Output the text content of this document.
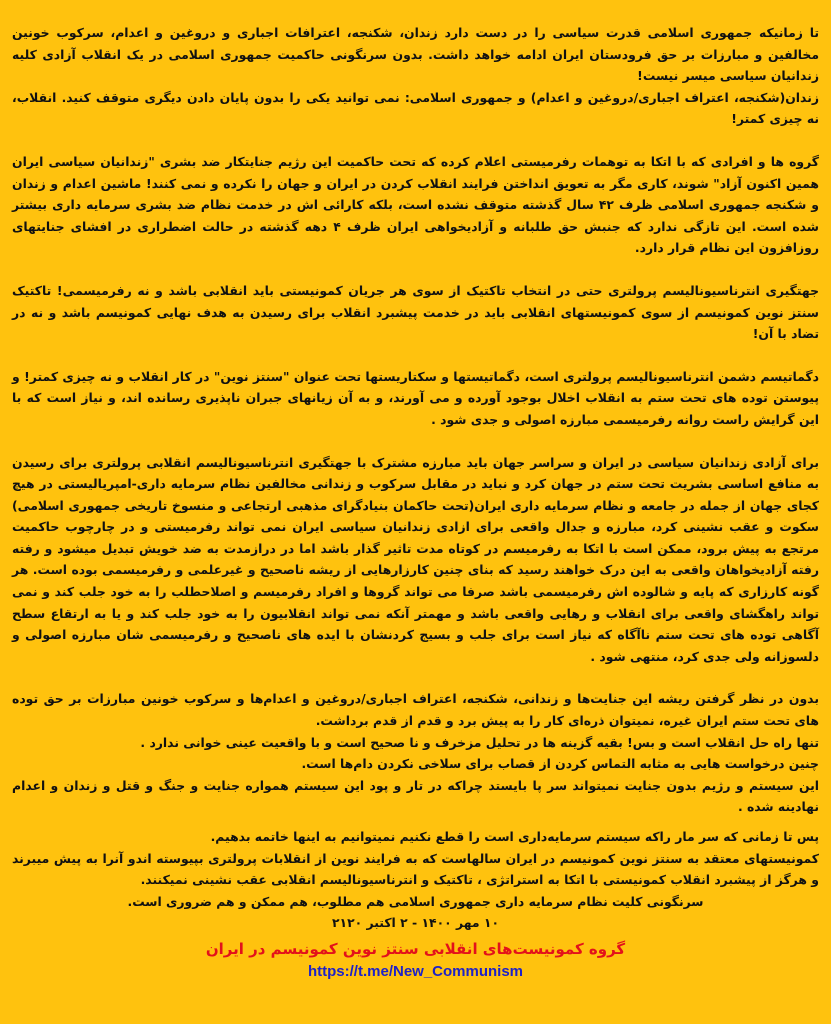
تا زمانیکه جمهوری اسلامی قدرت سیاسی را در دست دارد زندان، شکنجه، اعترافات اجباری و دروغین و اعدام، سرکوب خونین مخالفین و مبارزات بر حق فرودستان ایران ادامه خواهد داشت. بدون سرنگونی حاکمیت جمهوری اسلامی در یک انقلاب آزادی کلیه زندانیان سیاسی میسر نیست!

زندان(شکنجه، اعتراف اجباری/دروغین و اعدام) و جمهوری اسلامی: نمی توانید یکی را بدون پایان دادن دیگری متوقف کنید. انقلاب، نه چیزی کمتر!

گروه ها و افرادی که با اتکا به توهمات رفرمیستی اعلام کرده که تحت حاکمیت این رژیم جنایتکار ضد بشری "زندانیان سیاسی ایران همین اکنون آزاد" شوند، کاری مگر به تعویق انداختن فرایند انقلاب کردن در ایران و جهان را نکرده و نمی کنند! ماشین اعدام و زندان و شکنجه جمهوری اسلامی ظرف ۴۲ سال گذشته متوقف نشده است، بلکه کارائی اش در خدمت نظام ضد بشری سرمایه داری بیشتر شده است. این تازگی ندارد که جنبش حق طلبانه و آزادیخواهی ایران ظرف ۴ دهه گذشته در حالت اضطراری در افشای جنایتهای روزافزون این نظام قرار دارد.

جهتگیری انترناسیونالیسم پرولتری حتی در انتخاب تاکتیک از سوی هر جریان کمونیستی باید انقلابی باشد و نه رفرمیسمی! تاکتیک سنتز نوین کمونیسم از سوی کمونیستهای انقلابی باید در خدمت پیشبرد انقلاب برای رسیدن به هدف نهایی کمونیسم باشد و نه در تضاد با آن!

دگماتیسم دشمن انترناسیونالیسم پرولتری است، دگماتیستها و سکتاریستها تحت عنوان "سنتز نوین" در کار انقلاب و نه چیزی کمتر! و پیوستن توده های تحت ستم به انقلاب اخلال بوجود آورده و می آورند، و به آن زیانهای جبران ناپذیری رسانده اند، و نیاز است که با این گرایش راست روانه رفرمیسمی مبارزه اصولی و جدی شود .

برای آزادی زندانیان سیاسی در ایران و سراسر جهان باید مبارزه مشترک با جهتگیری انترناسیونالیسم انقلابی پرولتری برای رسیدن به منافع اساسی بشریت تحت ستم در جهان کرد و نباید در مقابل سرکوب و زندانی مخالفین نظام سرمایه داری-امپریالیستی در هیچ کجای جهان از جمله در جامعه و نظام سرمایه داری ایران(تحت حاکمان بنیادگرای مذهبی ارتجاعی و منسوخ تاریخی جمهوری اسلامی) سکوت و عقب نشینی کرد، مبارزه و جدال واقعی برای ازادی زندانیان سیاسی ایران نمی تواند رفرمیستی و در چارچوب حاکمیت مرتجع به پیش برود، ممکن است با اتکا به رفرمیسم در کوتاه مدت تاثیر گذار باشد اما در درازمدت به ضد خویش تبدیل میشود و رفته رفته آزادیخواهان واقعی به این درک خواهند رسید که بنای چنین کارزارهایی از ریشه ناصحیح و غیرعلمی و رفرمیسمی بوده است. هر گونه کارزاری که پایه و شالوده اش رفرمیسمی باشد صرفا می تواند گروها و افراد رفرمیسم و اصلاحطلب را به خود جلب کند و نمی تواند راهگشای واقعی برای انقلاب و رهایی واقعی باشد و مهمتر آنکه نمی تواند انقلابیون را به خود جلب کند و یا به ارتقاع سطح آگاهی توده های تحت ستم ناآگاه که نیاز است برای جلب و بسیج کردنشان با ایده های ناصحیح و رفرمیسمی شان مبارزه اصولی و دلسوزانه ولی جدی کرد، منتهی شود .

بدون در نظر گرفتن ریشه این جنایت‌ها و زندانی، شکنجه، اعتراف اجباری/دروغین و اعدام‌ها و سرکوب خونین مبارزات بر حق توده های تحت ستم ایران غیره، نمیتوان ذره‌ای کار را به پیش برد و قدم از قدم برداشت.
تنها راه حل انقلاب است و بس! بقیه گزینه ها در تحلیل مزخرف و نا صحیح است و با واقعیت عینی خوانی ندارد .
چنین درخواست هایی به مثابه التماس کردن از قصاب برای سلاخی نکردن دام‌ها است.
این سیستم و رژیم بدون جنایت نمیتواند سر پا بایستد چراکه در تار و پود این سیستم همواره جنایت و جنگ و قتل و زندان و اعدام نهادینه شده .
پس تا زمانی که سر مار راکه سیستم سرمایه‌داری است را قطع نکنیم نمیتوانیم به اینها خاتمه بدهیم.
کمونیستهای معتقد به سنتز نوین کمونیسم در ایران سالهاست که به فرایند نوین از انقلابات پرولتری بپیوسته اندو آنرا به پیش میبرند و هرگز از پیشبرد انقلاب کمونیستی با اتکا به استراتژی ، تاکتیک و انترناسیونالیسم انقلابی عقب نشینی نمیکنند.
سرنگونی کلیت نظام سرمایه داری جمهوری اسلامی هم مطلوب، هم ممکن و هم ضروری است.
۱۰ مهر ۱۴۰۰ - ۲ اکتبر ۲۱۲۰
گروه کمونیست‌های انقلابی سنتز نوین کمونیسم در ایران
https://t.me/New_Communism
